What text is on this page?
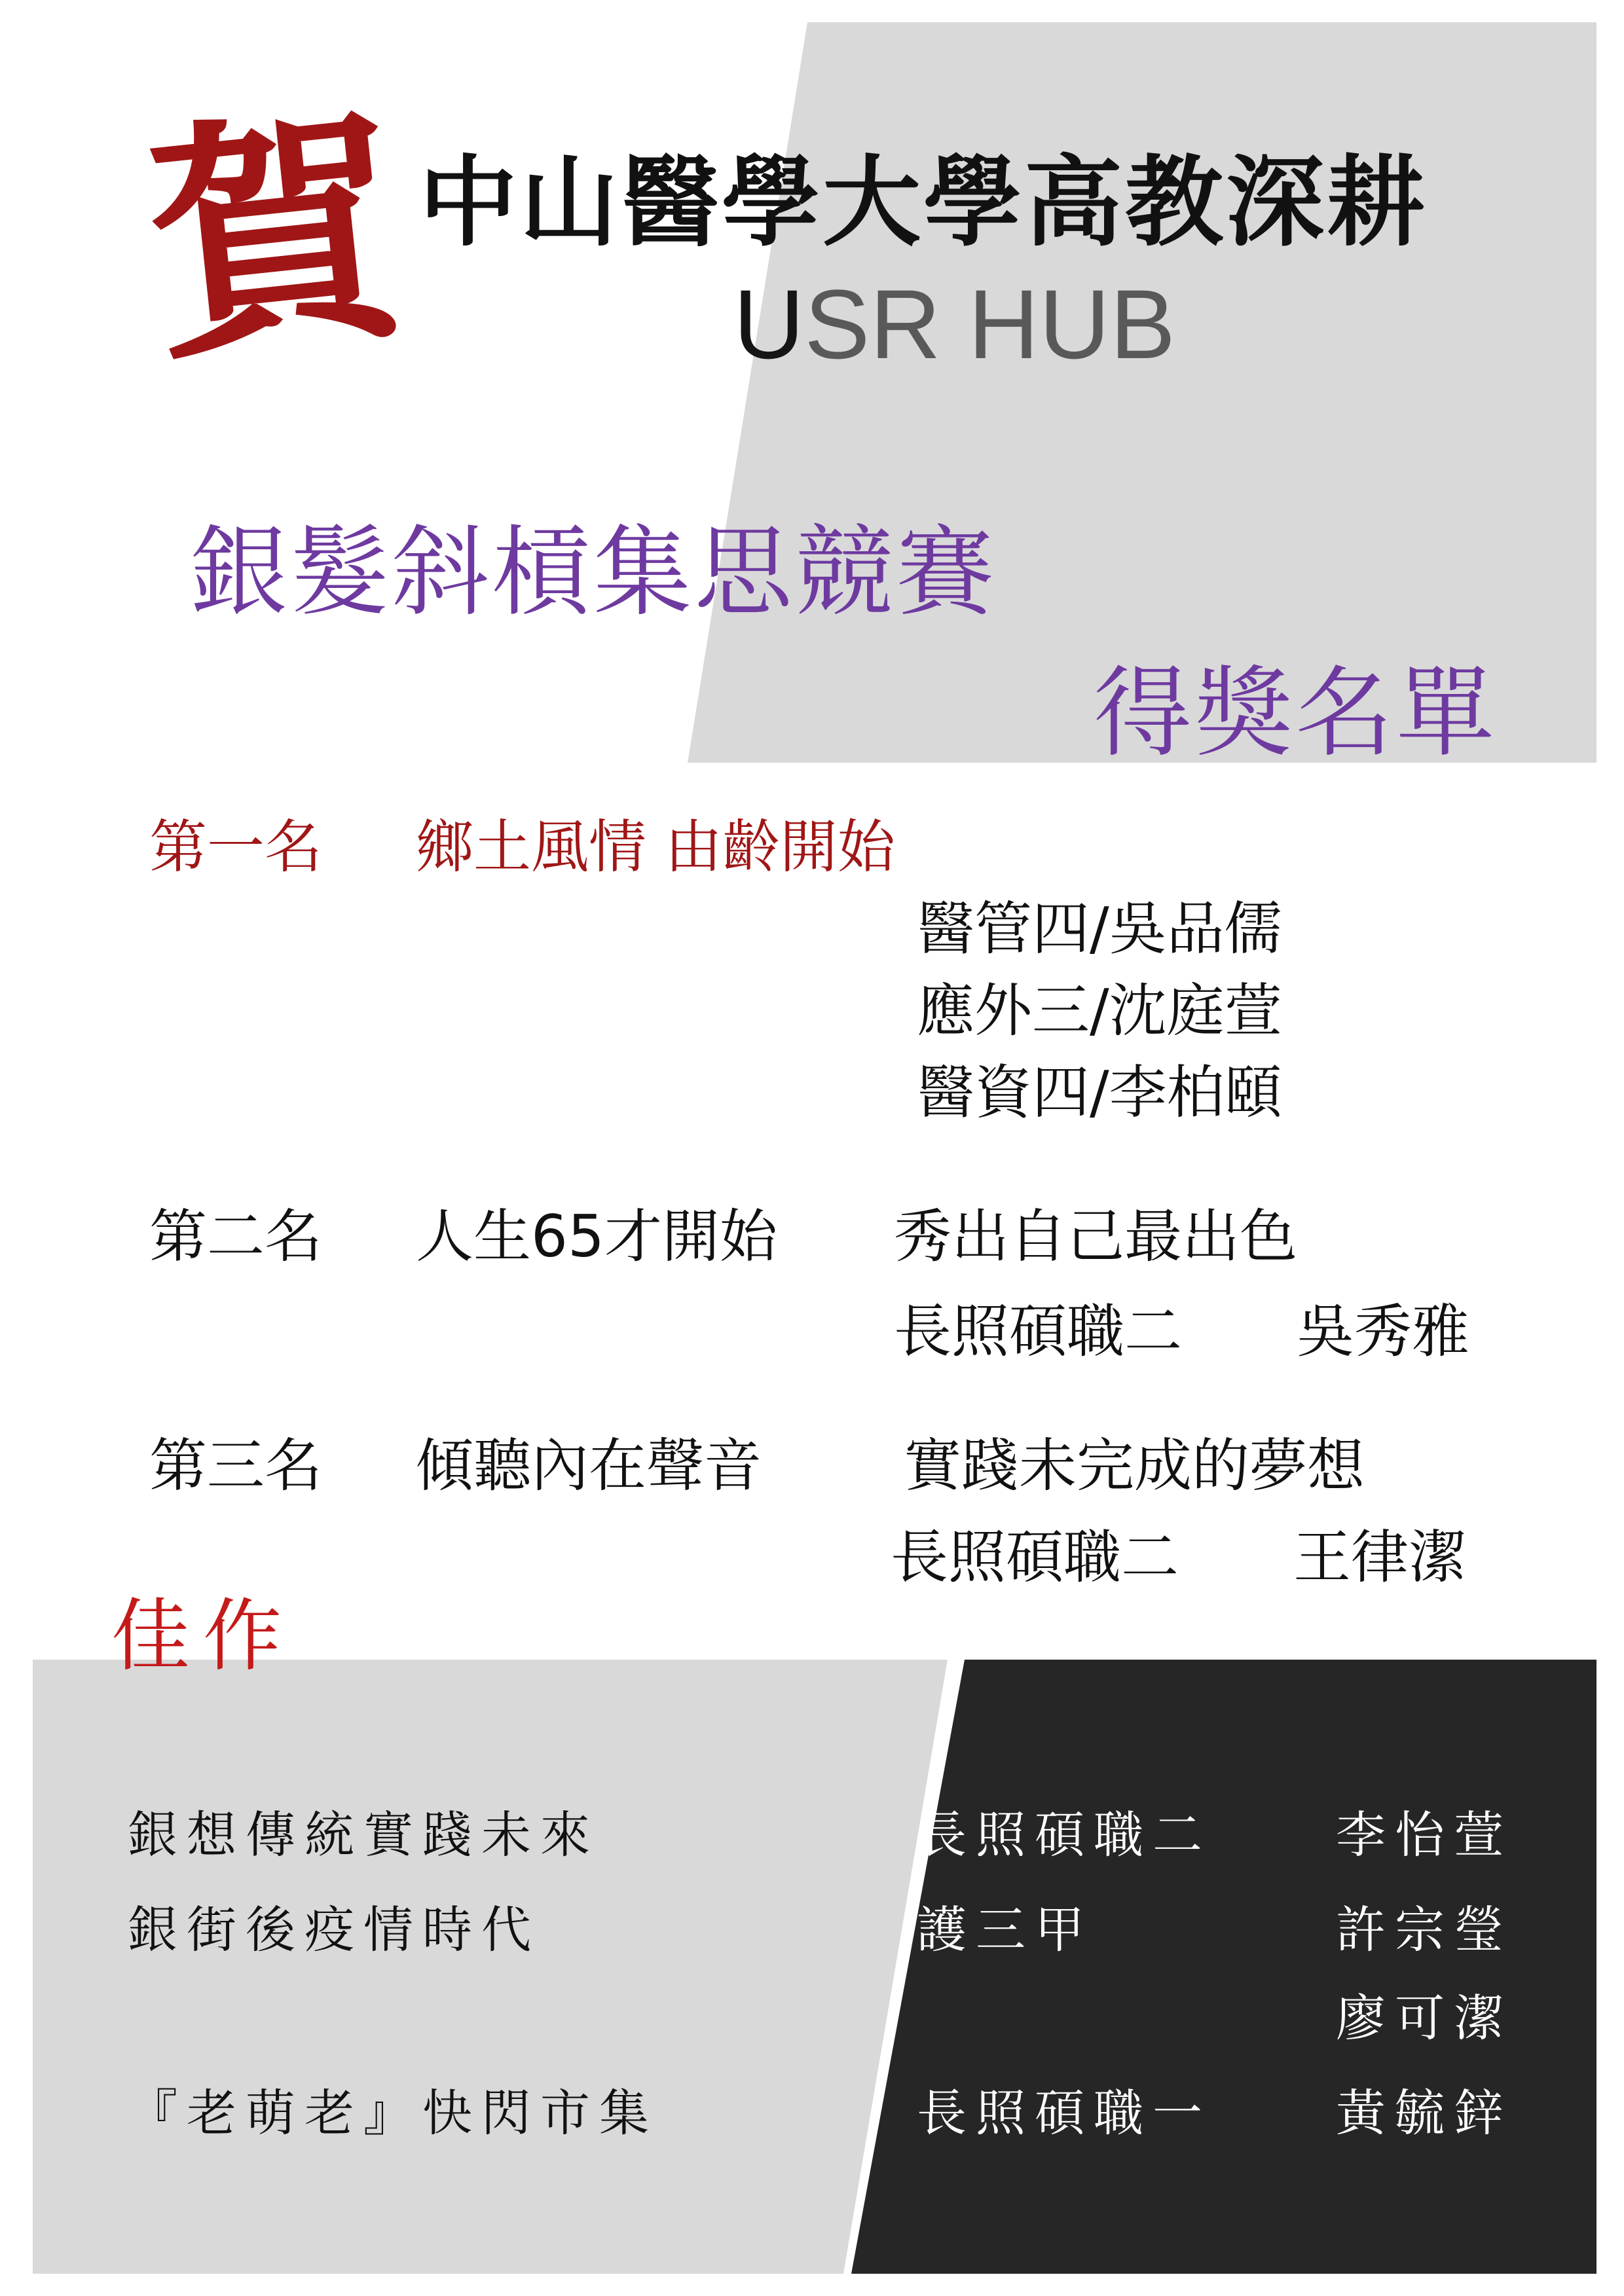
賀 中山醫學大學高教深耕
USR HUB
銀髮斜槓集思競賽
得獎名單
第一名 鄉土風情 由齡開始
醫管四/吳品儒
應外三/沈庭萱
醫資四/李柏頤
第二名 人生65才開始 秀出自己最出色
長照碩職二 吳秀雅
第三名 傾聽內在聲音 實踐未完成的夢想
長照碩職二 王律潔
佳作
銀想傳統實踐未來	長照碩職二	李怡萱
銀街後疫情時代	護三甲	許宗瑩
廖可潔
『老萌老』快閃市集	長照碩職一	黃毓鋅
